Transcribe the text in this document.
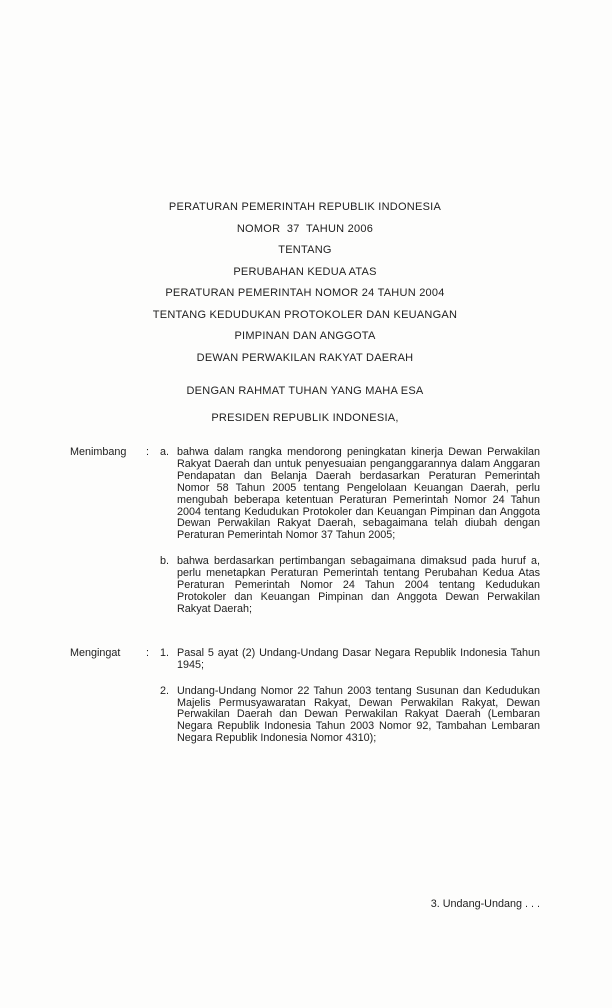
PERATURAN PEMERINTAH REPUBLIK INDONESIA
NOMOR  37  TAHUN 2006
TENTANG
PERUBAHAN KEDUA ATAS
PERATURAN PEMERINTAH NOMOR 24 TAHUN 2004
TENTANG KEDUDUKAN PROTOKOLER DAN KEUANGAN
PIMPINAN DAN ANGGOTA
DEWAN PERWAKILAN RAKYAT DAERAH
DENGAN RAHMAT TUHAN YANG MAHA ESA
PRESIDEN REPUBLIK INDONESIA,
Menimbang	:	a. bahwa dalam rangka mendorong peningkatan kinerja Dewan Perwakilan Rakyat Daerah dan untuk penyesuaian penganggarannya dalam Anggaran Pendapatan dan Belanja Daerah berdasarkan Peraturan Pemerintah Nomor 58 Tahun 2005 tentang Pengelolaan Keuangan Daerah, perlu mengubah beberapa ketentuan Peraturan Pemerintah Nomor 24 Tahun 2004 tentang Kedudukan Protokoler dan Keuangan Pimpinan dan Anggota Dewan Perwakilan Rakyat Daerah, sebagaimana telah diubah dengan Peraturan Pemerintah Nomor 37 Tahun 2005;
b. bahwa berdasarkan pertimbangan sebagaimana dimaksud pada huruf a, perlu menetapkan Peraturan Pemerintah tentang Perubahan Kedua Atas Peraturan Pemerintah Nomor 24 Tahun 2004 tentang Kedudukan Protokoler dan Keuangan Pimpinan dan Anggota Dewan Perwakilan Rakyat Daerah;
Mengingat	:	1. Pasal 5 ayat (2) Undang-Undang Dasar Negara Republik Indonesia Tahun 1945;
2. Undang-Undang Nomor 22 Tahun 2003 tentang Susunan dan Kedudukan Majelis Permusyawaratan Rakyat, Dewan Perwakilan Rakyat, Dewan Perwakilan Daerah dan Dewan Perwakilan Rakyat Daerah (Lembaran Negara Republik Indonesia Tahun 2003 Nomor 92, Tambahan Lembaran Negara Republik Indonesia Nomor 4310);
3. Undang-Undang . . .
